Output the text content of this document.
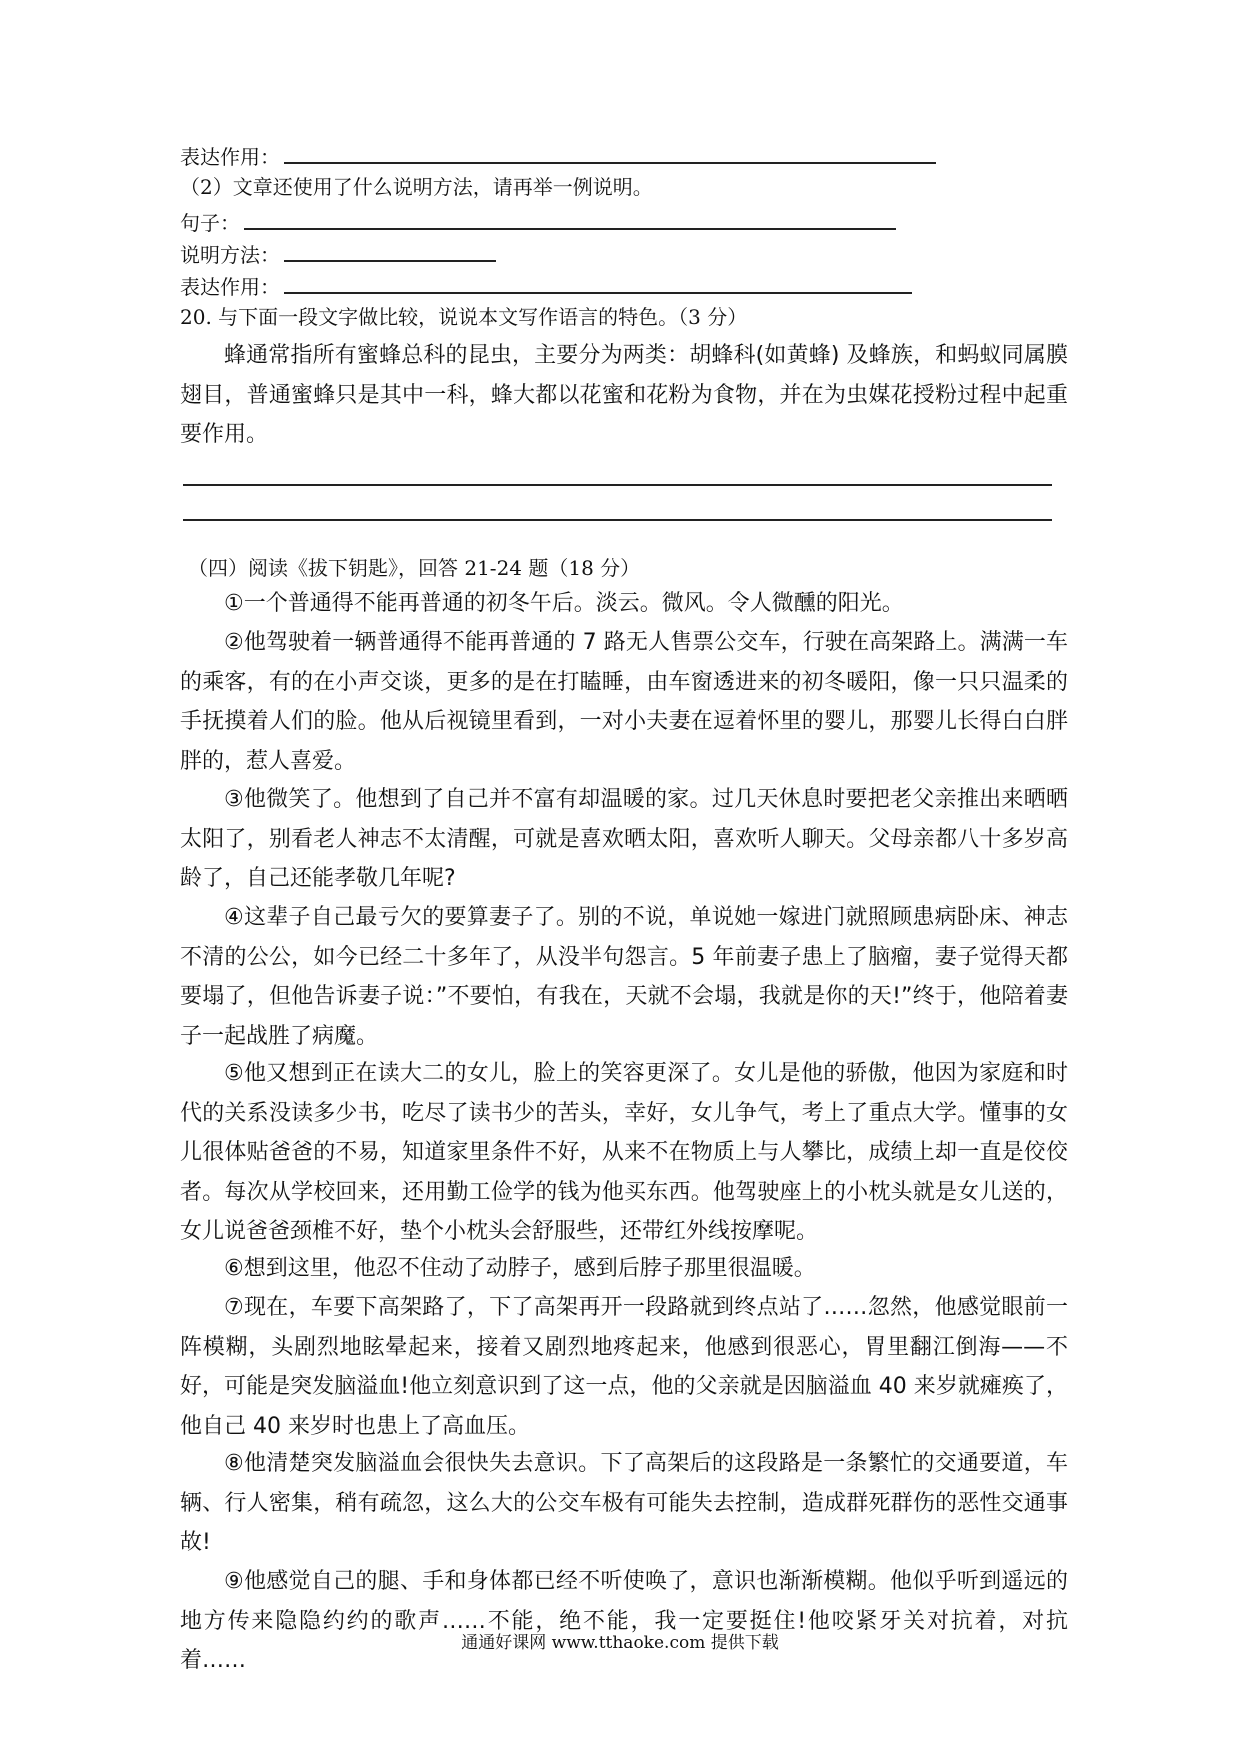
表达作用：
（2）文章还使用了什么说明方法，请再举一例说明。
句子：
说明方法：
表达作用：
20. 与下面一段文字做比较，说说本文写作语言的特色。（3 分）
蜂通常指所有蜜蜂总科的昆虫，主要分为两类：胡蜂科(如黄蜂) 及蜂族，和蚂蚁同属膜翅目，普通蜜蜂只是其中一科，蜂大都以花蜜和花粉为食物，并在为虫媒花授粉过程中起重要作用。
（四）阅读《拔下钥匙》，回答 21-24 题（18 分）
①一个普通得不能再普通的初冬午后。淡云。微风。令人微醺的阳光。
②他驾驶着一辆普通得不能再普通的 7 路无人售票公交车，行驶在高架路上。满满一车的乘客，有的在小声交谈，更多的是在打瞌睡，由车窗透进来的初冬暖阳，像一只只温柔的手抚摸着人们的脸。他从后视镜里看到，一对小夫妻在逗着怀里的婴儿，那婴儿长得白白胖胖的，惹人喜爱。
③他微笑了。他想到了自己并不富有却温暖的家。过几天休息时要把老父亲推出来晒晒太阳了，别看老人神志不太清醒，可就是喜欢晒太阳，喜欢听人聊天。父母亲都八十多岁高龄了，自己还能孝敬几年呢?
④这辈子自己最亏欠的要算妻子了。别的不说，单说她一嫁进门就照顾患病卧床、神志不清的公公，如今已经二十多年了，从没半句怨言。5 年前妻子患上了脑瘤，妻子觉得天都要塌了，但他告诉妻子说：”不要怕，有我在，天就不会塌，我就是你的天!”终于，他陪着妻子一起战胜了病魔。
⑤他又想到正在读大二的女儿，脸上的笑容更深了。女儿是他的骄傲，他因为家庭和时代的关系没读多少书，吃尽了读书少的苦头，幸好，女儿争气，考上了重点大学。懂事的女儿很体贴爸爸的不易，知道家里条件不好，从来不在物质上与人攀比，成绩上却一直是佼佼者。每次从学校回来，还用勤工俭学的钱为他买东西。他驾驶座上的小枕头就是女儿送的，女儿说爸爸颈椎不好，垫个小枕头会舒服些，还带红外线按摩呢。
⑥想到这里，他忍不住动了动脖子，感到后脖子那里很温暖。
⑦现在，车要下高架路了，下了高架再开一段路就到终点站了……忽然，他感觉眼前一阵模糊，头剧烈地眩晕起来，接着又剧烈地疼起来，他感到很恶心，胃里翻江倒海——不好，可能是突发脑溢血!他立刻意识到了这一点，他的父亲就是因脑溢血 40 来岁就瘫痪了，他自己 40 来岁时也患上了高血压。
⑧他清楚突发脑溢血会很快失去意识。下了高架后的这段路是一条繁忙的交通要道，车辆、行人密集，稍有疏忽，这么大的公交车极有可能失去控制，造成群死群伤的恶性交通事故!
⑨他感觉自己的腿、手和身体都已经不听使唤了，意识也渐渐模糊。他似乎听到遥远的地方传来隐隐约约的歌声……不能，绝不能，我一定要挺住!他咬紧牙关对抗着，对抗着……
通通好课网 www.tthaoke.com 提供下载
